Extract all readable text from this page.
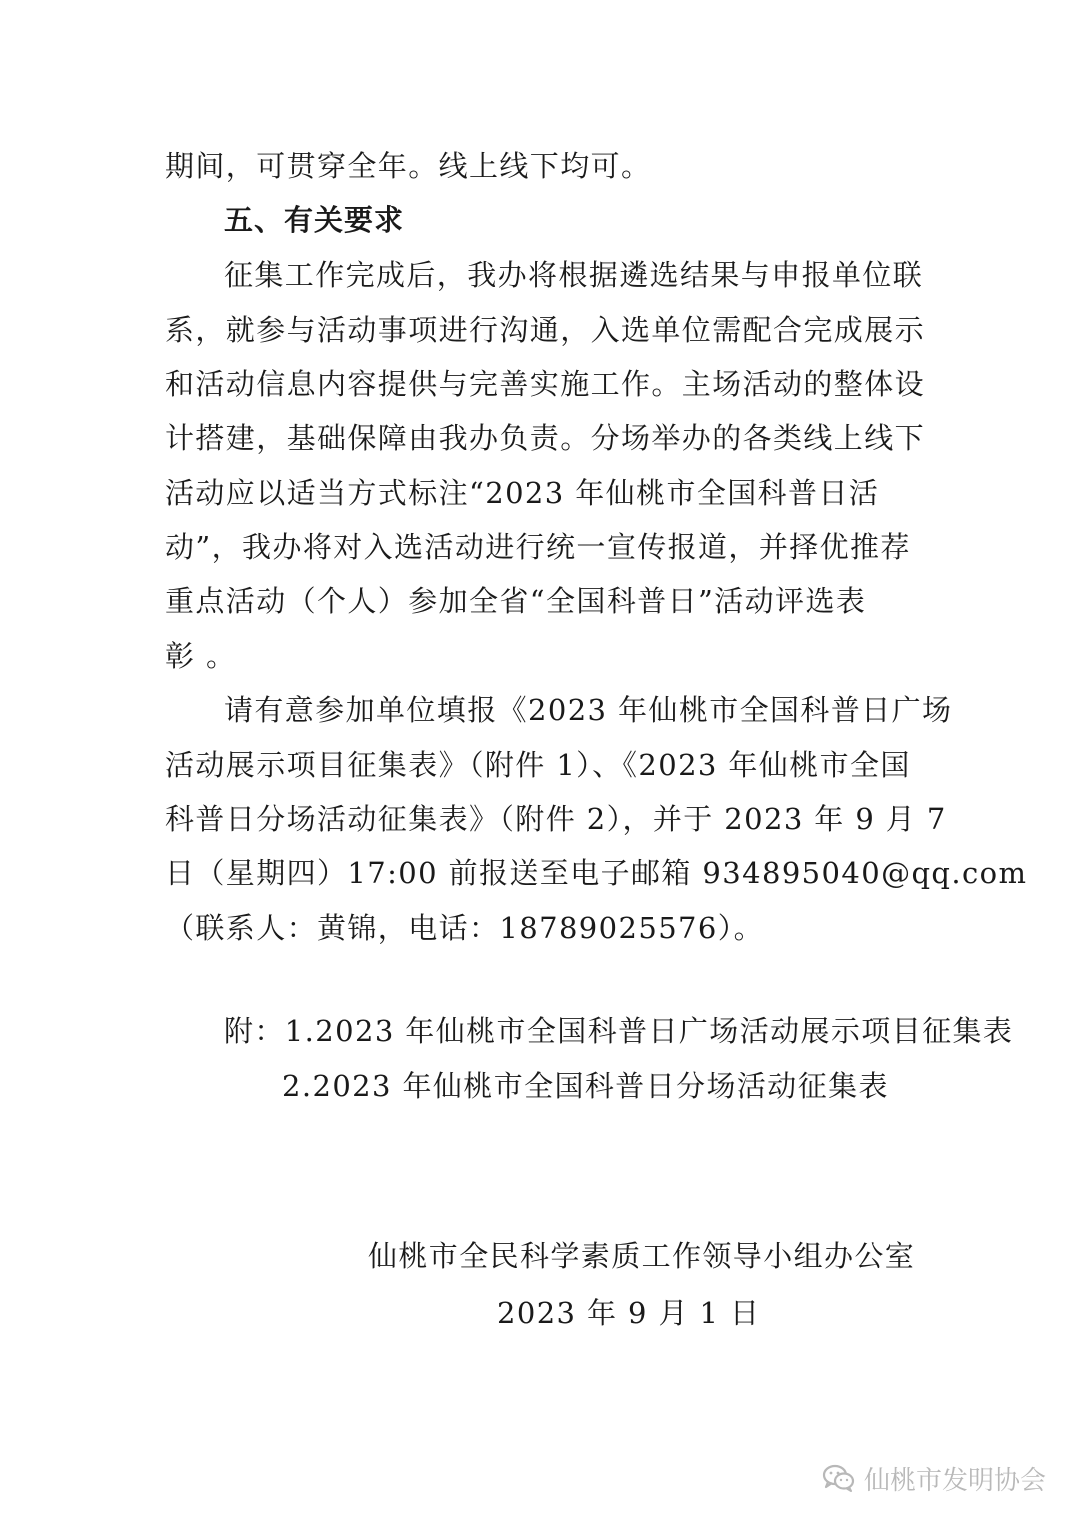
期间，可贯穿全年。线上线下均可。
五、有关要求
征集工作完成后，我办将根据遴选结果与申报单位联
系，就参与活动事项进行沟通，入选单位需配合完成展示
和活动信息内容提供与完善实施工作。主场活动的整体设
计搭建，基础保障由我办负责。分场举办的各类线上线下
活动应以适当方式标注“2023 年仙桃市全国科普日活
动”，我办将对入选活动进行统一宣传报道，并择优推荐
重点活动（个人）参加全省“全国科普日”活动评选表
彰 。
请有意参加单位填报《2023 年仙桃市全国科普日广场
活动展示项目征集表》（附件 1）、《2023 年仙桃市全国
科普日分场活动征集表》（附件 2），并于 2023 年 9 月 7
日（星期四）17:00 前报送至电子邮箱 934895040@qq.com
（联系人：黄锦，电话：18789025576）。
附：1.2023 年仙桃市全国科普日广场活动展示项目征集表
2.2023 年仙桃市全国科普日分场活动征集表
仙桃市全民科学素质工作领导小组办公室
2023 年 9 月 1 日
仙桃市发明协会
